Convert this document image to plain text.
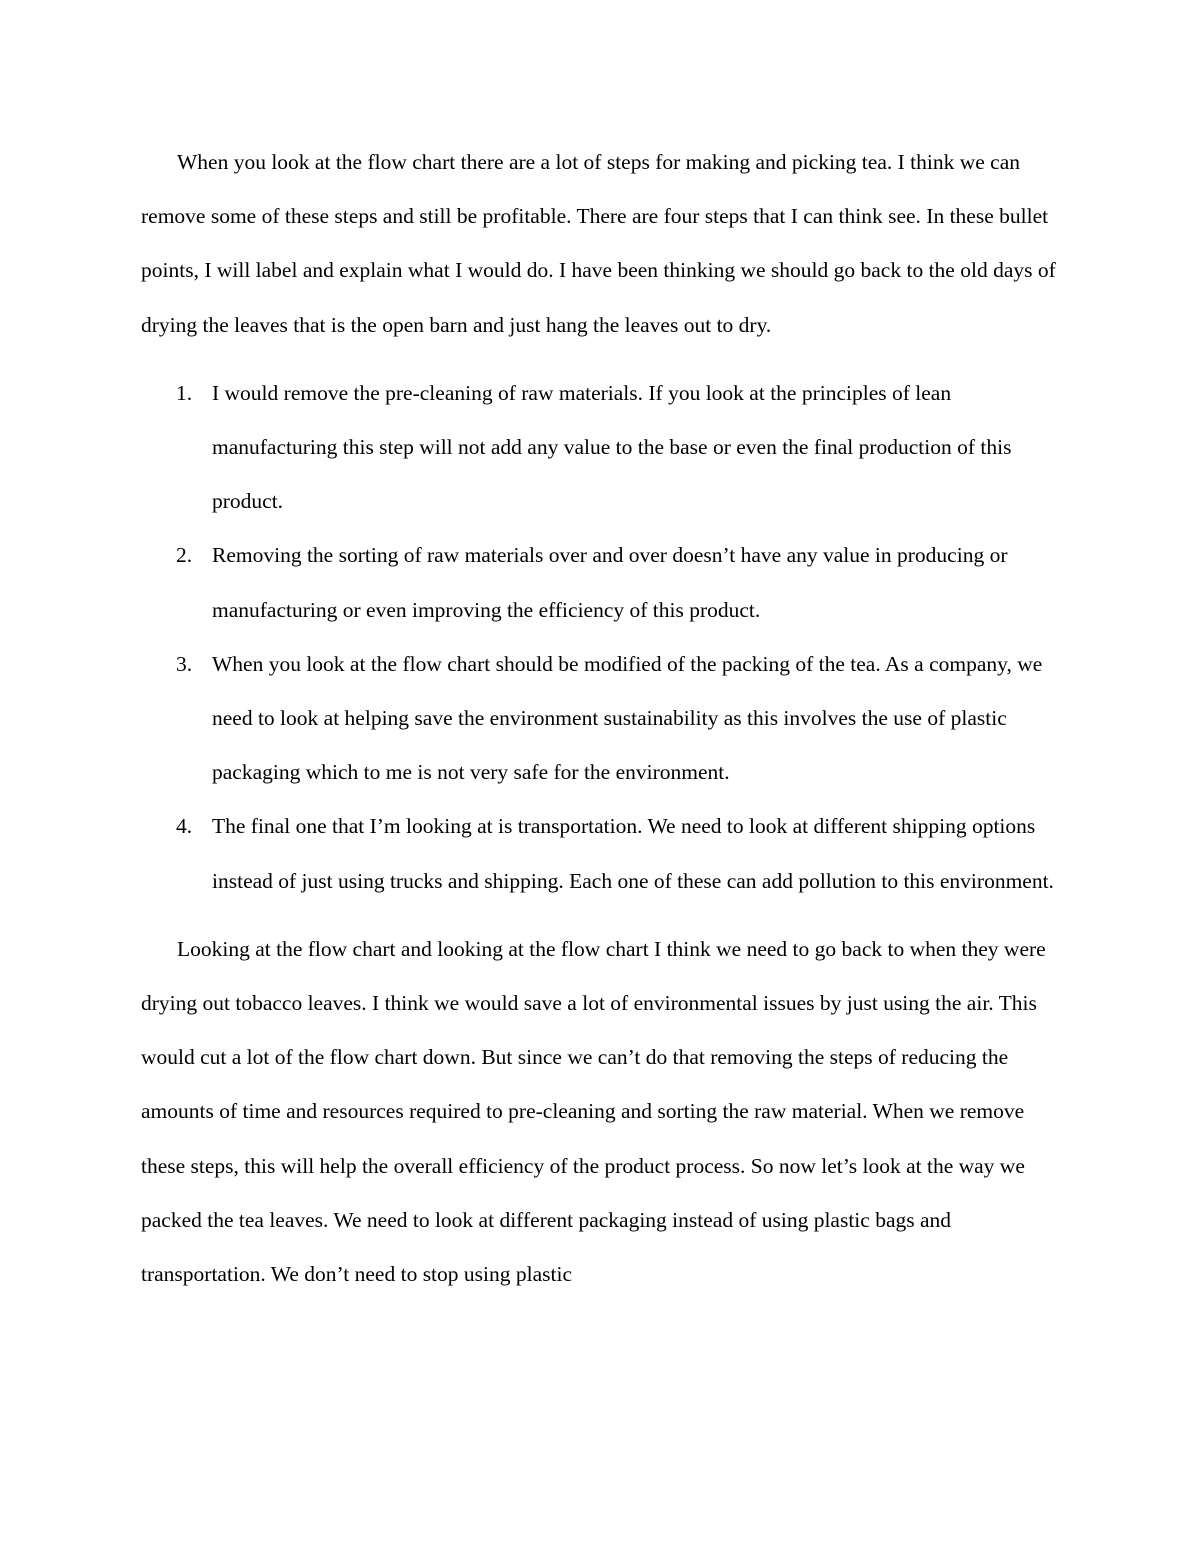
When you look at the flow chart there are a lot of steps for making and picking tea. I think we can remove some of these steps and still be profitable. There are four steps that I can think see. In these bullet points, I will label and explain what I would do. I have been thinking we should go back to the old days of drying the leaves that is the open barn and just hang the leaves out to dry.

1. I would remove the pre-cleaning of raw materials. If you look at the principles of lean manufacturing this step will not add any value to the base or even the final production of this product.
2. Removing the sorting of raw materials over and over doesn’t have any value in producing or manufacturing or even improving the efficiency of this product.
3. When you look at the flow chart should be modified of the packing of the tea. As a company, we need to look at helping save the environment sustainability as this involves the use of plastic packaging which to me is not very safe for the environment.
4. The final one that I’m looking at is transportation. We need to look at different shipping options instead of just using trucks and shipping. Each one of these can add pollution to this environment.

Looking at the flow chart and looking at the flow chart I think we need to go back to when they were drying out tobacco leaves. I think we would save a lot of environmental issues by just using the air. This would cut a lot of the flow chart down. But since we can’t do that removing the steps of reducing the amounts of time and resources required to pre-cleaning and sorting the raw material. When we remove these steps, this will help the overall efficiency of the product process. So now let’s look at the way we packed the tea leaves. We need to look at different packaging instead of using plastic bags and transportation. We don’t need to stop using plastic
